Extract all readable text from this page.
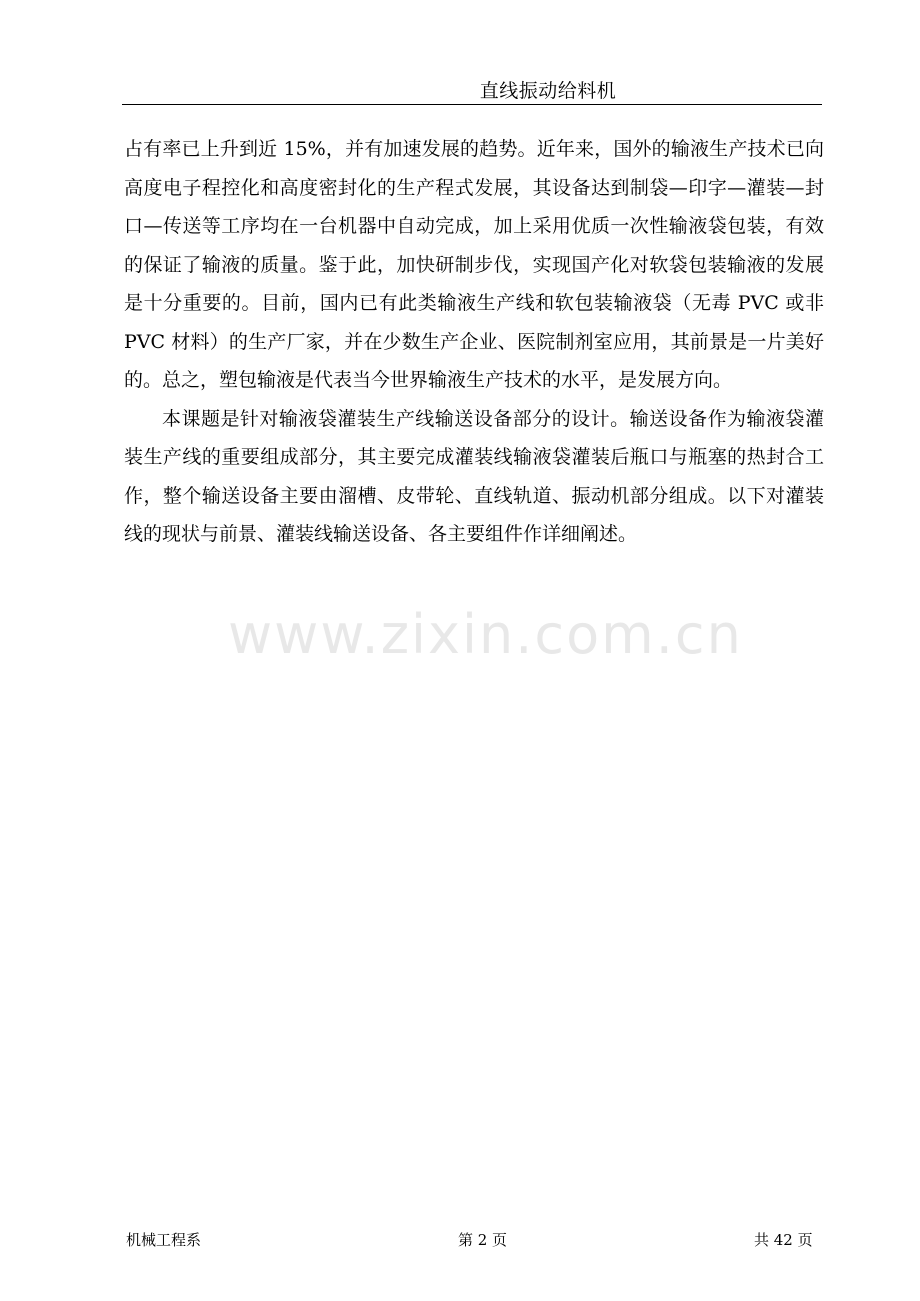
直线振动给料机

占有率已上升到近 15%，并有加速发展的趋势。近年来，国外的输液生产技术已向高度电子程控化和高度密封化的生产程式发展，其设备达到制袋—印字—灌装—封口—传送等工序均在一台机器中自动完成，加上采用优质一次性输液袋包装，有效的保证了输液的质量。鉴于此，加快研制步伐，实现国产化对软袋包装输液的发展是十分重要的。目前，国内已有此类输液生产线和软包装输液袋（无毒 PVC 或非 PVC 材料）的生产厂家，并在少数生产企业、医院制剂室应用，其前景是一片美好的。总之，塑包输液是代表当今世界输液生产技术的水平，是发展方向。

本课题是针对输液袋灌装生产线输送设备部分的设计。输送设备作为输液袋灌装生产线的重要组成部分，其主要完成灌装线输液袋灌装后瓶口与瓶塞的热封合工作，整个输送设备主要由溜槽、皮带轮、直线轨道、振动机部分组成。以下对灌装线的现状与前景、灌装线输送设备、各主要组件作详细阐述。

www.zixin.com.cn
机械工程系	第 2 页	共 42 页
